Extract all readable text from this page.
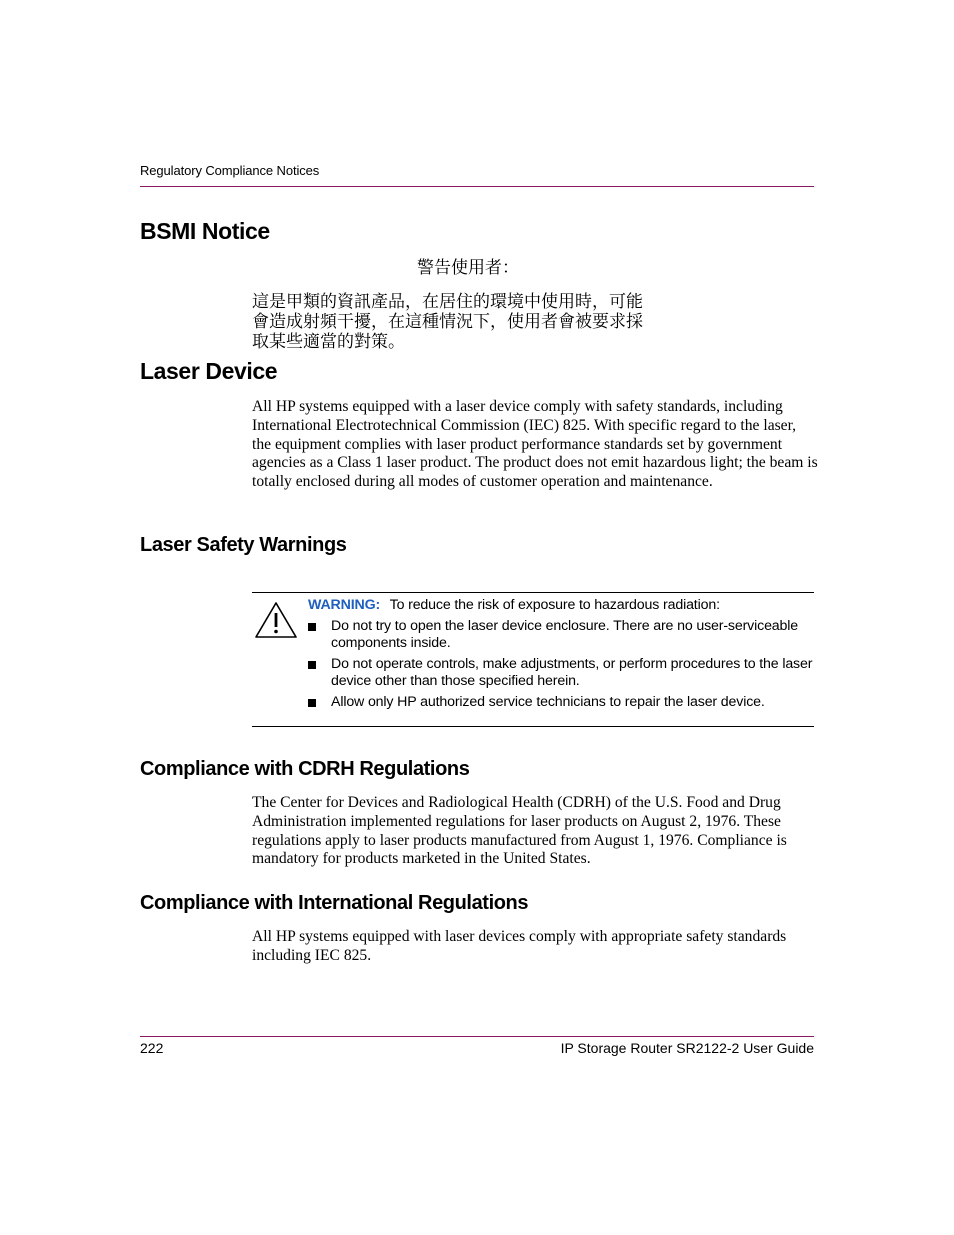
Regulatory Compliance Notices
BSMI Notice
警告使用者：
這是甲類的資訊產品，在居住的環境中使用時，可能
會造成射頻干擾，在這種情況下，使用者會被要求採
取某些適當的對策。
Laser Device
All HP systems equipped with a laser device comply with safety standards, including International Electrotechnical Commission (IEC) 825. With specific regard to the laser, the equipment complies with laser product performance standards set by government agencies as a Class 1 laser product. The product does not emit hazardous light; the beam is totally enclosed during all modes of customer operation and maintenance.
Laser Safety Warnings
WARNING: To reduce the risk of exposure to hazardous radiation:
Do not try to open the laser device enclosure. There are no user-serviceable components inside.
Do not operate controls, make adjustments, or perform procedures to the laser device other than those specified herein.
Allow only HP authorized service technicians to repair the laser device.
Compliance with CDRH Regulations
The Center for Devices and Radiological Health (CDRH) of the U.S. Food and Drug Administration implemented regulations for laser products on August 2, 1976. These regulations apply to laser products manufactured from August 1, 1976. Compliance is mandatory for products marketed in the United States.
Compliance with International Regulations
All HP systems equipped with laser devices comply with appropriate safety standards including IEC 825.
222	IP Storage Router SR2122-2 User Guide
